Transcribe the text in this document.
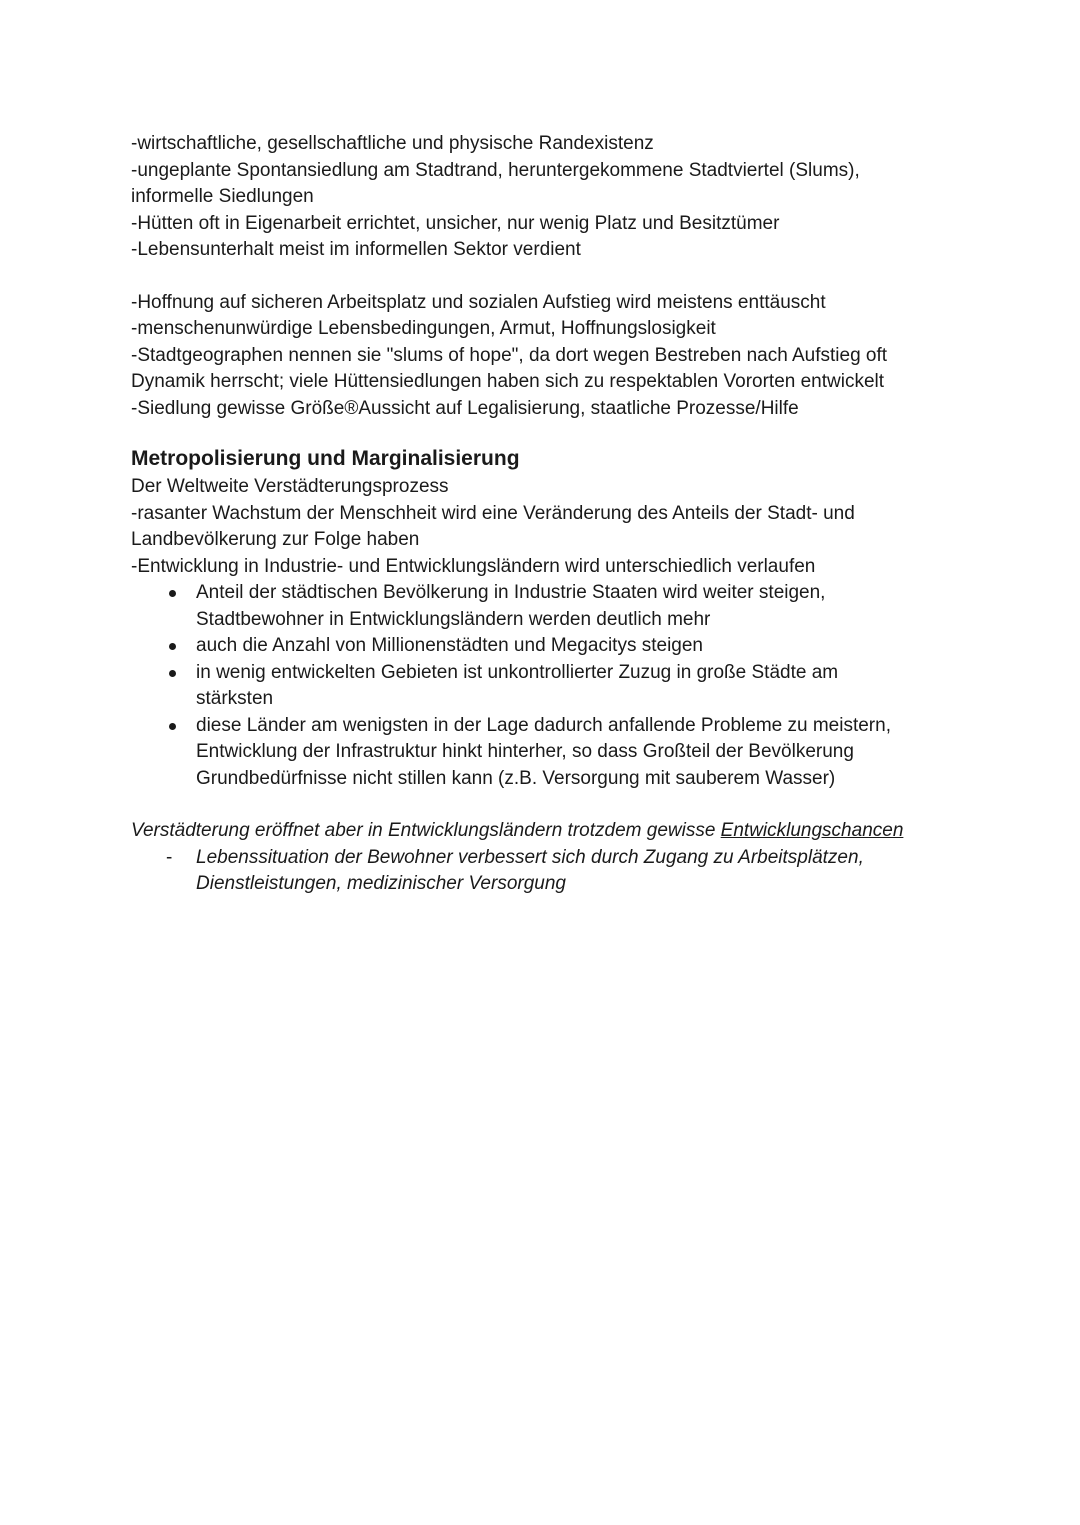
-wirtschaftliche, gesellschaftliche und physische Randexistenz
-ungeplante Spontansiedlung am Stadtrand, heruntergekommene Stadtviertel (Slums),
informelle Siedlungen
-Hütten oft in Eigenarbeit errichtet, unsicher, nur wenig Platz und Besitztümer
-Lebensunterhalt meist im informellen Sektor verdient
-Hoffnung auf sicheren Arbeitsplatz und sozialen Aufstieg wird meistens enttäuscht
-menschenunwürdige Lebensbedingungen, Armut, Hoffnungslosigkeit
-Stadtgeographen nennen sie "slums of hope", da dort wegen Bestreben nach Aufstieg oft
Dynamik herrscht; viele Hüttensiedlungen haben sich zu respektablen Vororten entwickelt
-Siedlung gewisse Größe®Aussicht auf Legalisierung, staatliche Prozesse/Hilfe
Metropolisierung und Marginalisierung
Der Weltweite Verstädterungsprozess
-rasanter Wachstum der Menschheit wird eine Veränderung des Anteils der Stadt- und
Landbevölkerung zur Folge haben
-Entwicklung in Industrie- und Entwicklungsländern wird unterschiedlich verlaufen
Anteil der städtischen Bevölkerung in Industrie Staaten wird weiter steigen,
Stadtbewohner in Entwicklungsländern werden deutlich mehr
auch die Anzahl von Millionenstädten und Megacitys steigen
in wenig entwickelten Gebieten ist unkontrollierter Zuzug in große Städte am
stärksten
diese Länder am wenigsten in der Lage dadurch anfallende Probleme zu meistern,
Entwicklung der Infrastruktur hinkt hinterher, so dass Großteil der Bevölkerung
Grundbedürfnisse nicht stillen kann (z.B. Versorgung mit sauberem Wasser)
Verstädterung eröffnet aber in Entwicklungsländern trotzdem gewisse Entwicklungschancen
- Lebenssituation der Bewohner verbessert sich durch Zugang zu Arbeitsplätzen,
Dienstleistungen, medizinischer Versorgung
